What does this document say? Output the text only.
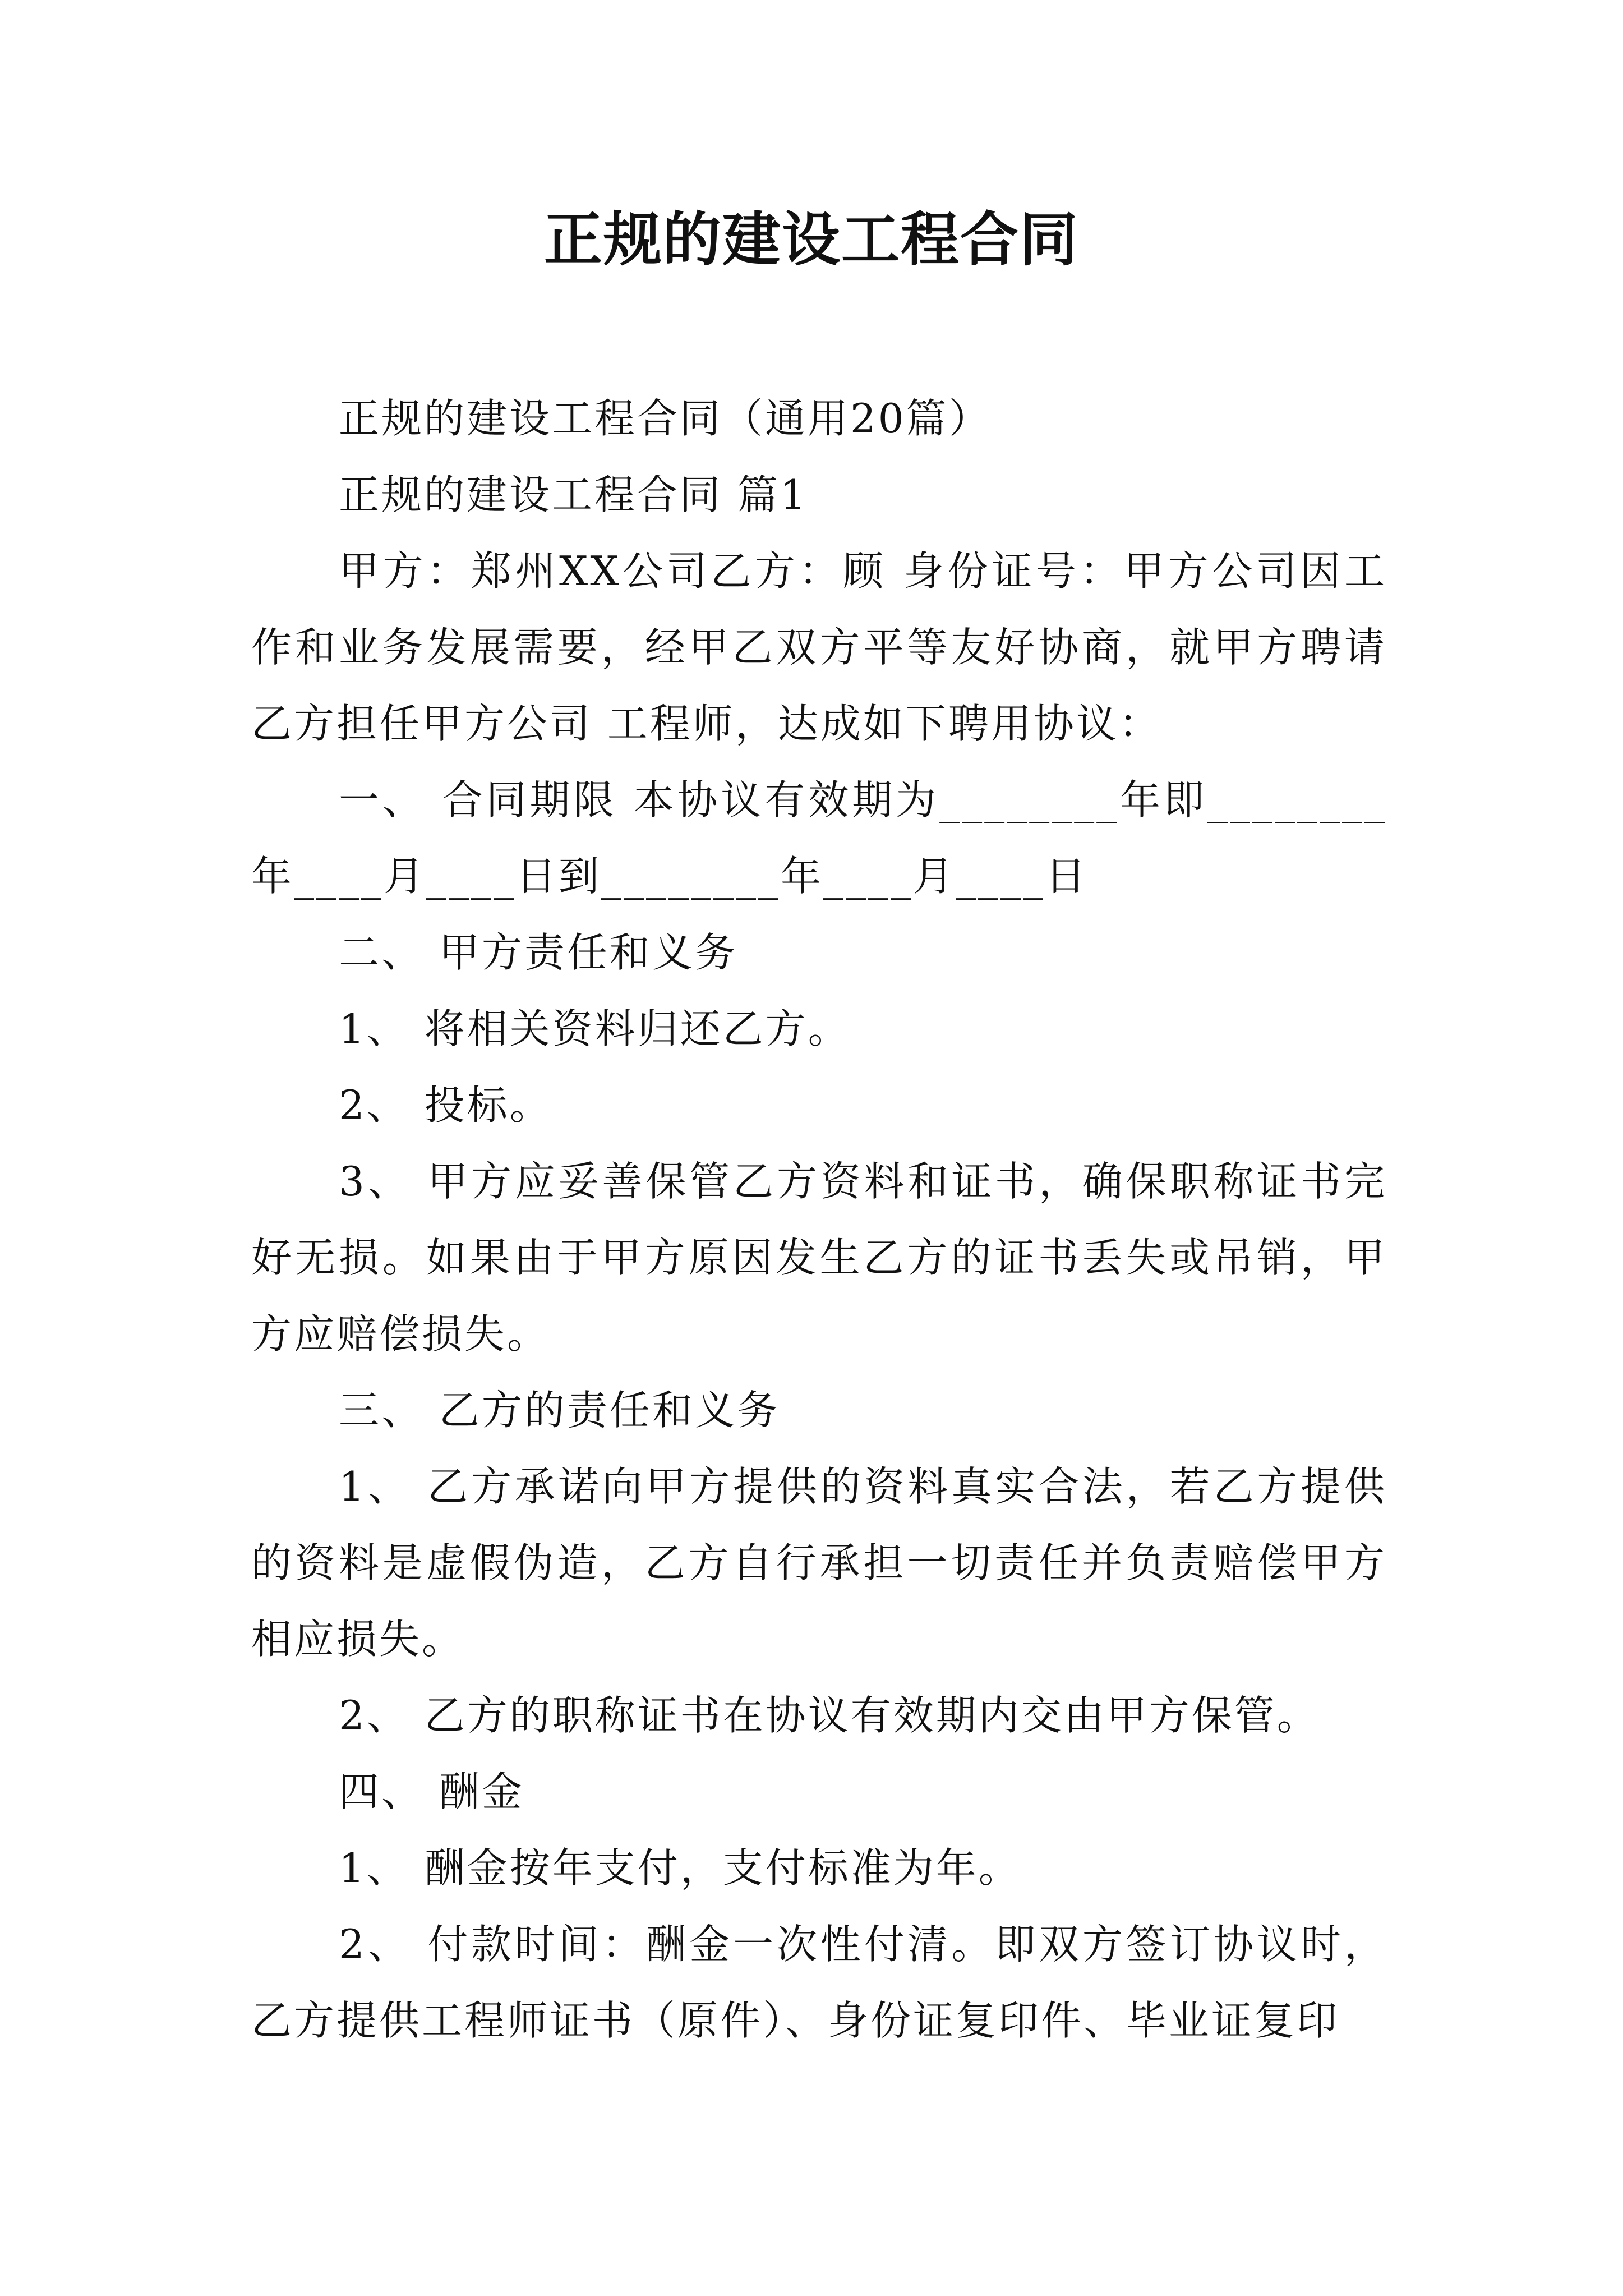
正规的建设工程合同

正规的建设工程合同（通用20篇）

正规的建设工程合同 篇1

甲方：郑州XX公司乙方：顾 身份证号：甲方公司因工作和业务发展需要，经甲乙双方平等友好协商，就甲方聘请乙方担任甲方公司 工程师，达成如下聘用协议：

一、 合同期限 本协议有效期为________年即________年____月____日到________年____月____日

二、 甲方责任和义务

1、 将相关资料归还乙方。

2、 投标。

3、 甲方应妥善保管乙方资料和证书，确保职称证书完好无损。如果由于甲方原因发生乙方的证书丢失或吊销，甲方应赔偿损失。

三、 乙方的责任和义务

1、 乙方承诺向甲方提供的资料真实合法，若乙方提供的资料是虚假伪造，乙方自行承担一切责任并负责赔偿甲方相应损失。

2、 乙方的职称证书在协议有效期内交由甲方保管。

四、 酬金

1、 酬金按年支付，支付标准为年。

2、 付款时间：酬金一次性付清。即双方签订协议时，乙方提供工程师证书（原件）、身份证复印件、毕业证复印
